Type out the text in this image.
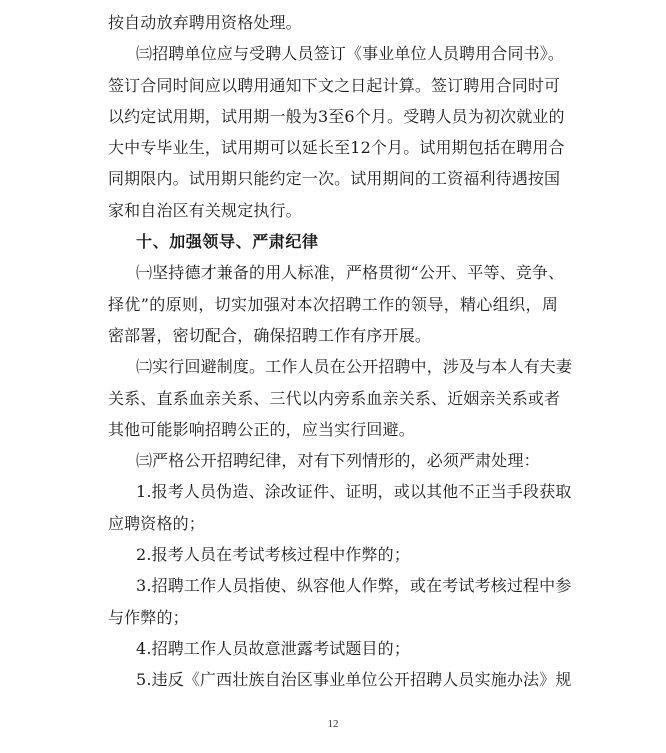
按自动放弃聘用资格处理。
㈢招聘单位应与受聘人员签订《事业单位人员聘用合同书》。
签订合同时间应以聘用通知下文之日起计算。签订聘用合同时可
以约定试用期，试用期一般为3至6个月。受聘人员为初次就业的
大中专毕业生，试用期可以延长至12个月。试用期包括在聘用合
同期限内。试用期只能约定一次。试用期间的工资福利待遇按国
家和自治区有关规定执行。
十、加强领导、严肃纪律
㈠坚持德才兼备的用人标准，严格贯彻“公开、平等、竞争、
择优”的原则，切实加强对本次招聘工作的领导，精心组织，周
密部署，密切配合，确保招聘工作有序开展。
㈡实行回避制度。工作人员在公开招聘中，涉及与本人有夫妻
关系、直系血亲关系、三代以内旁系血亲关系、近姻亲关系或者
其他可能影响招聘公正的，应当实行回避。
㈢严格公开招聘纪律，对有下列情形的，必须严肃处理：
1.报考人员伪造、涂改证件、证明，或以其他不正当手段获取
应聘资格的；
2.报考人员在考试考核过程中作弊的；
3.招聘工作人员指使、纵容他人作弊，或在考试考核过程中参
与作弊的；
4.招聘工作人员故意泄露考试题目的；
5.违反《广西壮族自治区事业单位公开招聘人员实施办法》规
12
